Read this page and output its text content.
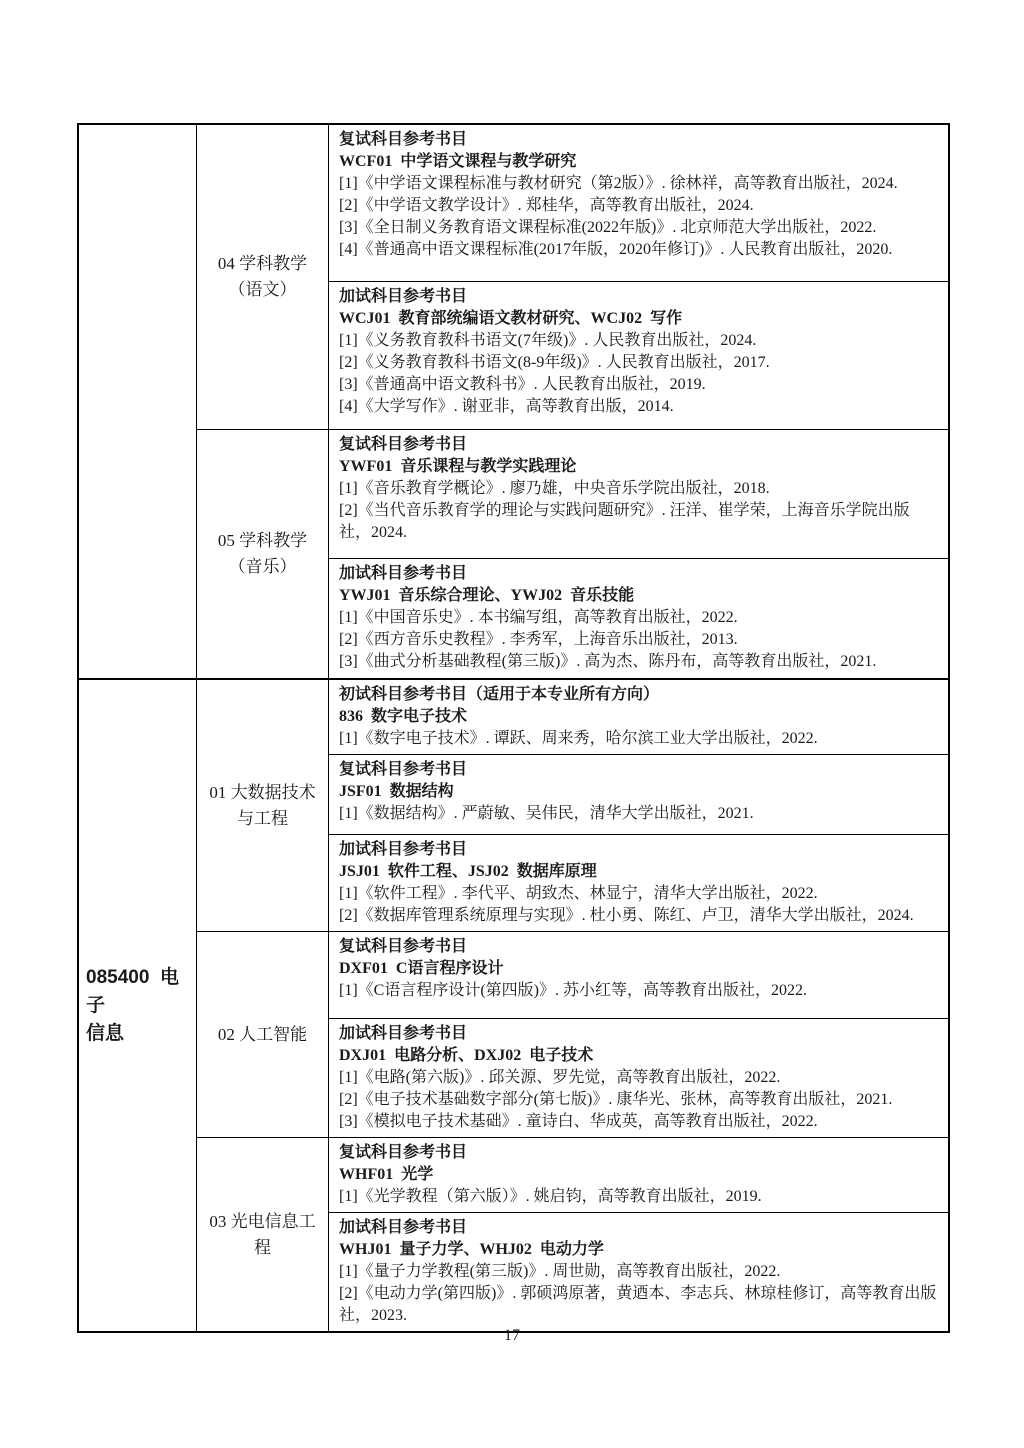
04 学科教学
（语文）
复试科目参考书目
WCF01  中学语文课程与教学研究
[1]《中学语文课程标准与教材研究（第2版）》. 徐林祥，高等教育出版社，2024.
[2]《中学语文教学设计》. 郑桂华，高等教育出版社，2024.
[3]《全日制义务教育语文课程标准(2022年版)》. 北京师范大学出版社，2022.
[4]《普通高中语文课程标准(2017年版，2020年修订)》. 人民教育出版社，2020.
加试科目参考书目
WCJ01  教育部统编语文教材研究、WCJ02  写作
[1]《义务教育教科书语文(7年级)》. 人民教育出版社，2024.
[2]《义务教育教科书语文(8-9年级)》. 人民教育出版社，2017.
[3]《普通高中语文教科书》. 人民教育出版社，2019.
[4]《大学写作》. 谢亚非，高等教育出版，2014.
05 学科教学
（音乐）
复试科目参考书目
YWF01  音乐课程与教学实践理论
[1]《音乐教育学概论》. 廖乃雄，中央音乐学院出版社，2018.
[2]《当代音乐教育学的理论与实践问题研究》. 汪洋、崔学荣，上海音乐学院出版社，2024.
加试科目参考书目
YWJ01  音乐综合理论、YWJ02  音乐技能
[1]《中国音乐史》. 本书编写组，高等教育出版社，2022.
[2]《西方音乐史教程》. 李秀军，上海音乐出版社，2013.
[3]《曲式分析基础教程(第三版)》. 高为杰、陈丹布，高等教育出版社，2021.
085400  电子
信息
01 大数据技术
与工程
初试科目参考书目（适用于本专业所有方向）
836  数字电子技术
[1]《数字电子技术》. 谭跃、周来秀，哈尔滨工业大学出版社，2022.
复试科目参考书目
JSF01  数据结构
[1]《数据结构》. 严蔚敏、吴伟民，清华大学出版社，2021.
加试科目参考书目
JSJ01  软件工程、JSJ02  数据库原理
[1]《软件工程》. 李代平、胡致杰、林显宁，清华大学出版社，2022.
[2]《数据库管理系统原理与实现》. 杜小勇、陈红、卢卫，清华大学出版社，2024.
02 人工智能
复试科目参考书目
DXF01  C语言程序设计
[1]《C语言程序设计(第四版)》. 苏小红等，高等教育出版社，2022.
加试科目参考书目
DXJ01  电路分析、DXJ02  电子技术
[1]《电路(第六版)》. 邱关源、罗先觉，高等教育出版社，2022.
[2]《电子技术基础数字部分(第七版)》. 康华光、张林，高等教育出版社，2021.
[3]《模拟电子技术基础》. 童诗白、华成英，高等教育出版社，2022.
03 光电信息工
程
复试科目参考书目
WHF01  光学
[1]《光学教程（第六版）》. 姚启钧，高等教育出版社，2019.
加试科目参考书目
WHJ01  量子力学、WHJ02  电动力学
[1]《量子力学教程(第三版)》. 周世勋，高等教育出版社，2022.
[2]《电动力学(第四版)》. 郭硕鸿原著，黄迺本、李志兵、林琼桂修订，高等教育出版社，2023.
17
